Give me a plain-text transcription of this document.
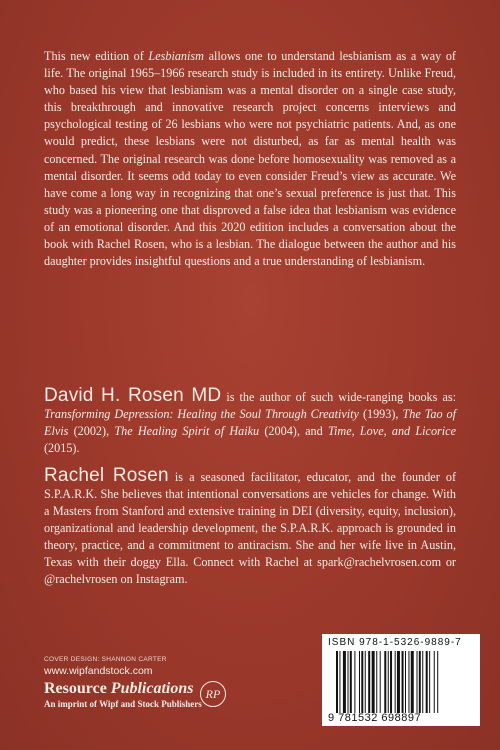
This new edition of Lesbianism allows one to understand lesbianism as a way of life. The original 1965–1966 research study is included in its entirety. Unlike Freud, who based his view that lesbianism was a mental disorder on a single case study, this breakthrough and innovative research project concerns interviews and psychological testing of 26 lesbians who were not psychiatric patients. And, as one would predict, these lesbians were not disturbed, as far as mental health was concerned. The original research was done before homosexuality was removed as a mental disorder. It seems odd today to even consider Freud’s view as accurate. We have come a long way in recognizing that one’s sexual preference is just that. This study was a pioneering one that disproved a false idea that lesbianism was evidence of an emotional disorder. And this 2020 edition includes a conversation about the book with Rachel Rosen, who is a lesbian. The dialogue between the author and his daughter provides insightful questions and a true understanding of lesbianism.
David H. Rosen MD is the author of such wide-ranging books as: Transforming Depression: Healing the Soul Through Creativity (1993), The Tao of Elvis (2002), The Healing Spirit of Haiku (2004), and Time, Love, and Licorice (2015).
Rachel Rosen is a seasoned facilitator, educator, and the founder of S.P.A.R.K. She believes that intentional conversations are vehicles for change. With a Masters from Stanford and extensive training in DEI (diversity, equity, inclusion), organizational and leadership development, the S.P.A.R.K. approach is grounded in theory, practice, and a commitment to antiracism. She and her wife live in Austin, Texas with their doggy Ella. Connect with Rachel at spark@rachelvrosen.com or @rachelvrosen on Instagram.
COVER DESIGN: SHANNON CARTER
www.wipfandstock.com
Resource Publications
An imprint of Wipf and Stock Publishers
RP
ISBN 978-1-5326-9889-7
9 781532 698897
